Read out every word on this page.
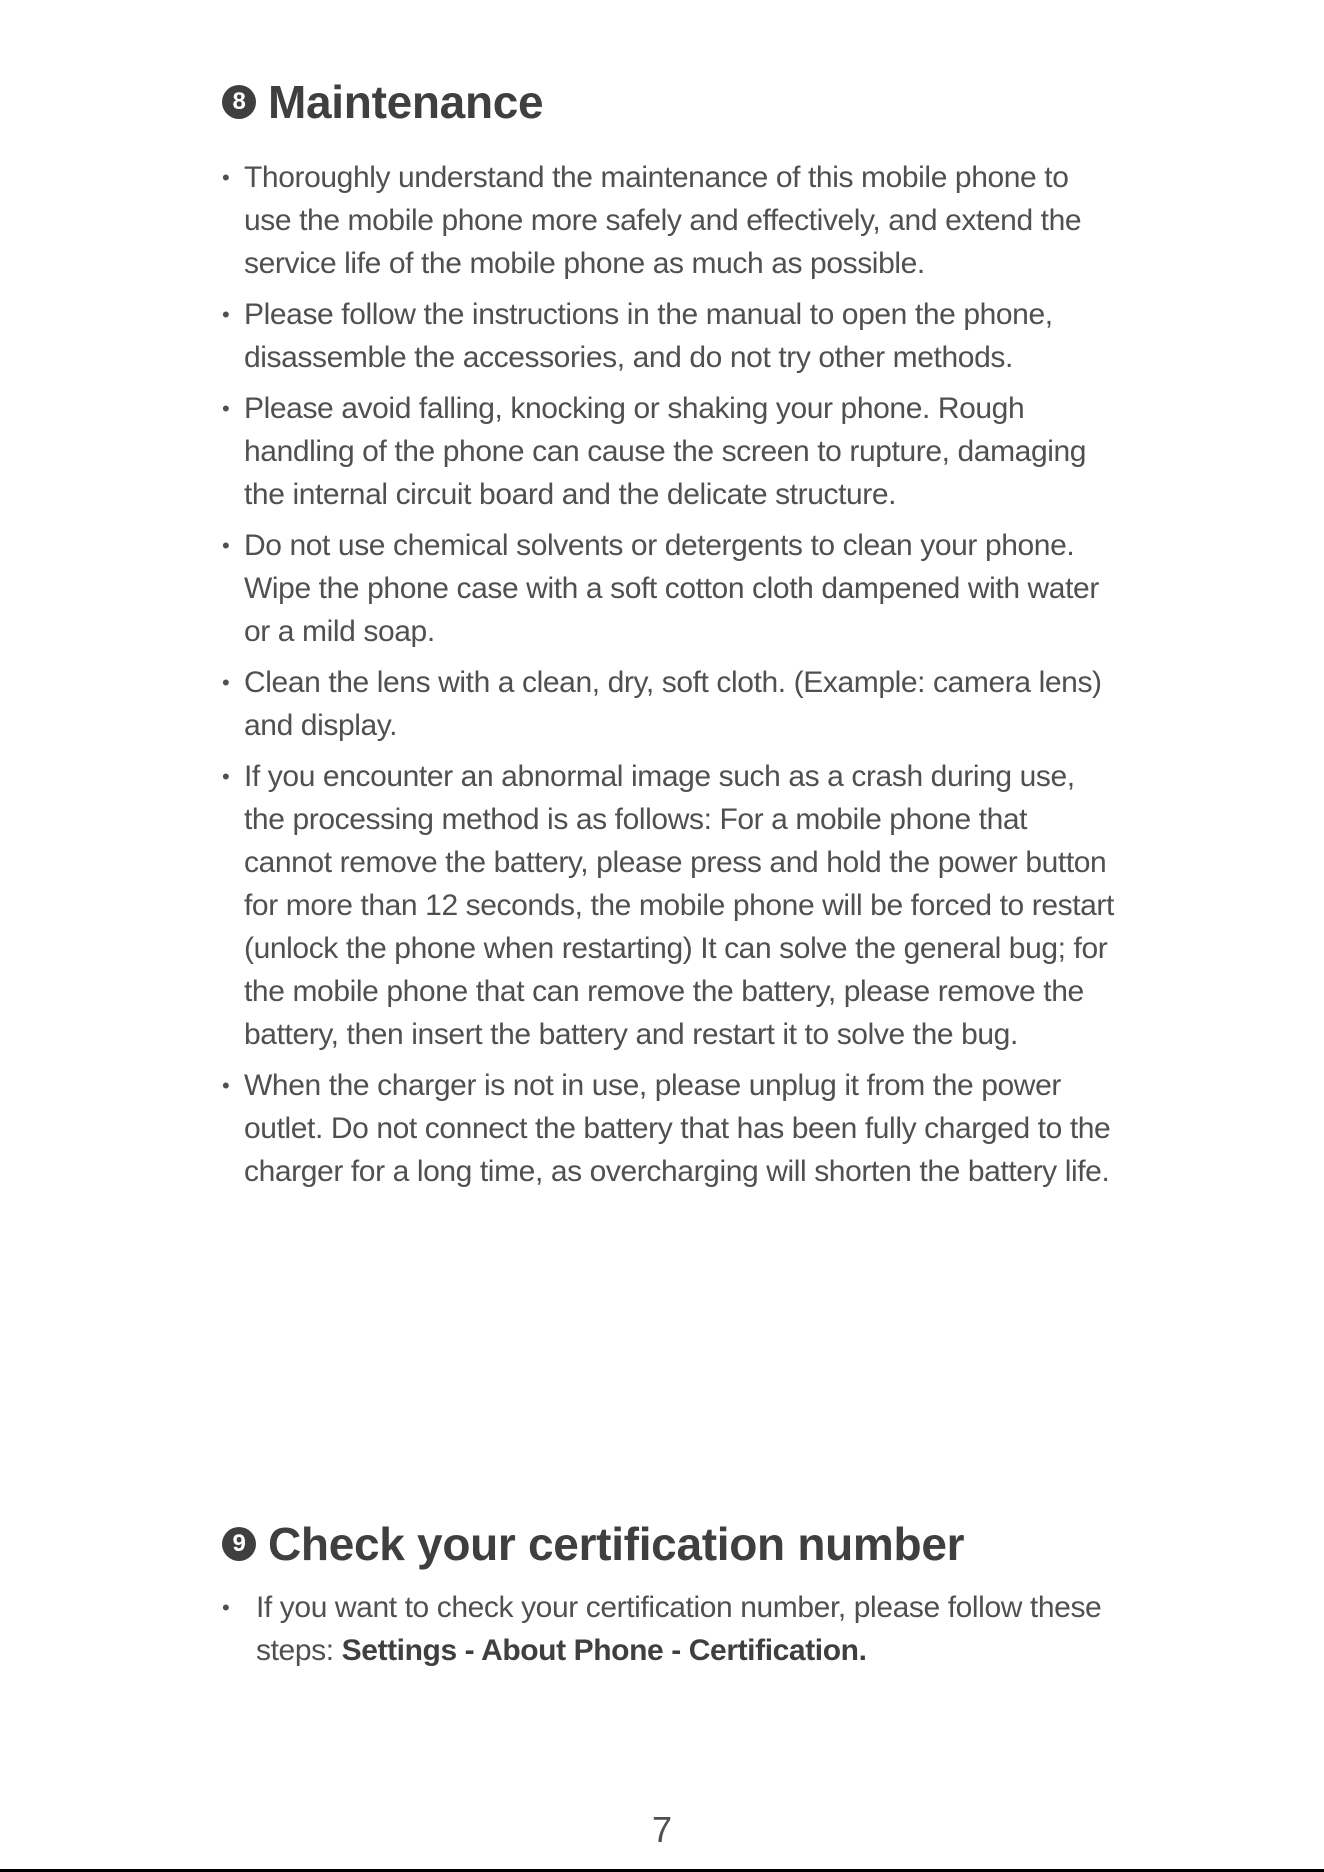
8 Maintenance
• Thoroughly understand the maintenance of this mobile phone to use the mobile phone more safely and effectively, and extend the service life of the mobile phone as much as possible.
• Please follow the instructions in the manual to open the phone, disassemble the accessories, and do not try other methods.
• Please avoid falling, knocking or shaking your phone. Rough handling of the phone can cause the screen to rupture, damaging the internal circuit board and the delicate structure.
• Do not use chemical solvents or detergents to clean your phone. Wipe the phone case with a soft cotton cloth dampened with water or a mild soap.
• Clean the lens with a clean, dry, soft cloth. (Example: camera lens) and display.
• If you encounter an abnormal image such as a crash during use, the processing method is as follows: For a mobile phone that cannot remove the battery, please press and hold the power button for more than 12 seconds, the mobile phone will be forced to restart (unlock the phone when restarting) It can solve the general bug; for the mobile phone that can remove the battery, please remove the battery, then insert the battery and restart it to solve the bug.
• When the charger is not in use, please unplug it from the power outlet. Do not connect the battery that has been fully charged to the charger for a long time, as overcharging will shorten the battery life.
9 Check your certification number
• If you want to check your certification number, please follow these steps: Settings - About Phone - Certification.
7
